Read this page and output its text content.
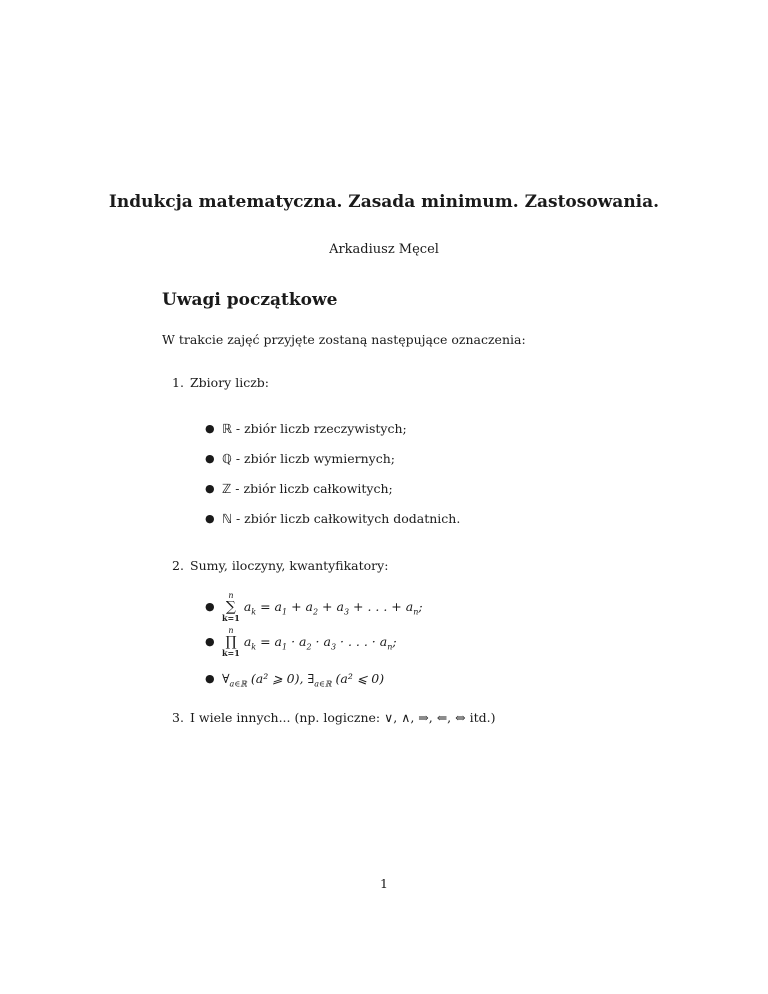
Indukcja matematyczna. Zasada minimum. Zastosowania.
Arkadiusz Męcel
Uwagi początkowe
W trakcie zajęć przyjęte zostaną następujące oznaczenia:
1. Zbiory liczb:
● ℝ - zbiór liczb rzeczywistych;
● ℚ - zbiór liczb wymiernych;
● ℤ - zbiór liczb całkowitych;
● ℕ - zbiór liczb całkowitych dodatnich.
2. Sumy, iloczyny, kwantyfikatory:
●
n
∑
k=1
$a_k = a_1 + a_2 + a_3$ + . . . + $a_n$;
●
n
∏
k=1
$a_k = a_1 \cdot a_2 \cdot a_3$ · . . . · $a_n$;
● $\forall_{a\in ℝ}$ (a² ⩾ 0), $\exists_{a\in ℝ}$ (a² ⩽ 0)
3. I wiele innych... (np. logiczne: ∨, ∧, ⇒, ⇐, ⇔ itd.)
1
